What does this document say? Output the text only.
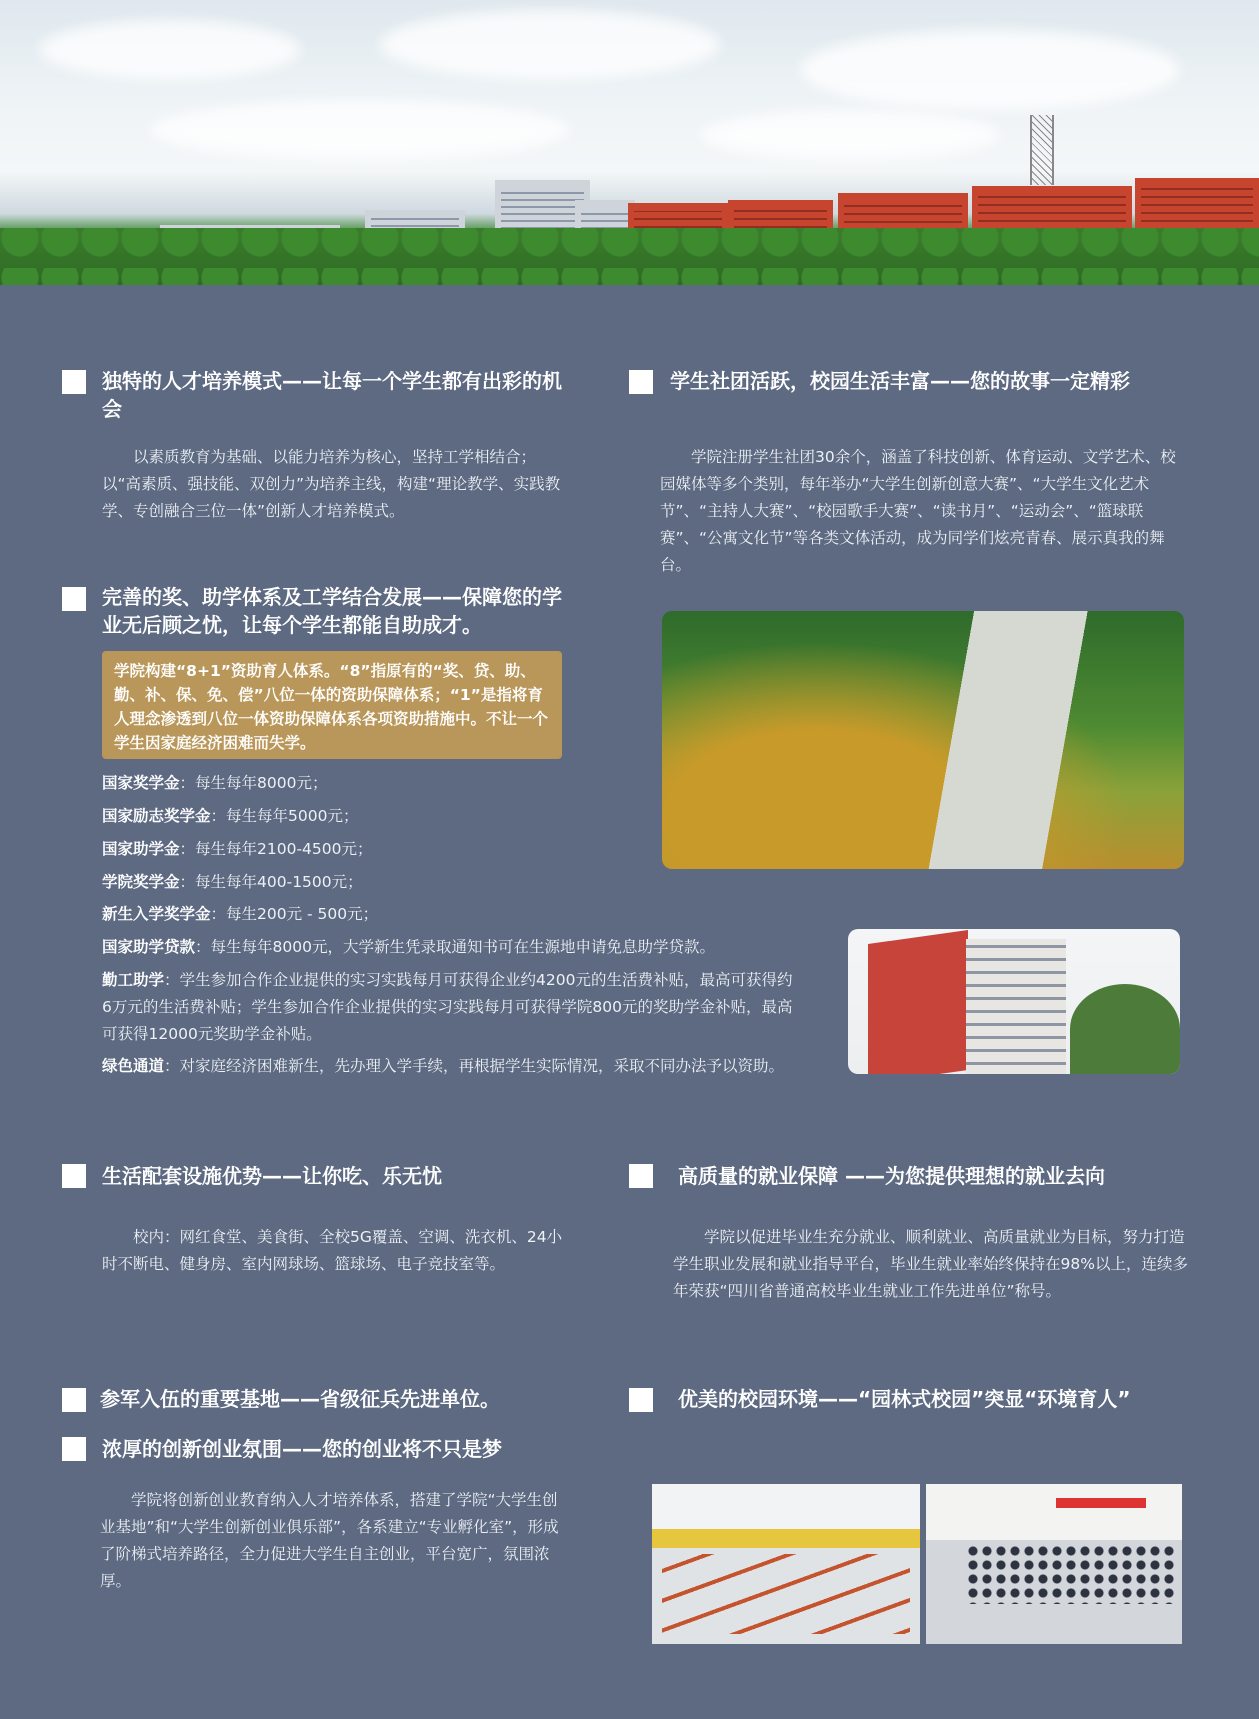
独特的人才培养模式——让每一个学生都有出彩的机会
以素质教育为基础、以能力培养为核心，坚持工学相结合；以“高素质、强技能、双创力”为培养主线，构建“理论教学、实践教学、专创融合三位一体”创新人才培养模式。
学生社团活跃，校园生活丰富——您的故事一定精彩
学院注册学生社团30余个，涵盖了科技创新、体育运动、文学艺术、校园媒体等多个类别，每年举办“大学生创新创意大赛”、“大学生文化艺术节”、“主持人大赛”、“校园歌手大赛”、“读书月”、“运动会”、“篮球联赛”、“公寓文化节”等各类文体活动，成为同学们炫亮青春、展示真我的舞台。
完善的奖、助学体系及工学结合发展——保障您的学业无后顾之忧，让每个学生都能自助成才。
学院构建“8+1”资助育人体系。“8”指原有的“奖、贷、助、勤、补、保、免、偿”八位一体的资助保障体系；“1”是指将育人理念渗透到八位一体资助保障体系各项资助措施中。不让一个学生因家庭经济困难而失学。
国家奖学金：每生每年8000元；
国家励志奖学金：每生每年5000元；
国家助学金：每生每年2100-4500元；
学院奖学金：每生每年400-1500元；
新生入学奖学金：每生200元 - 500元；
国家助学贷款：每生每年8000元，大学新生凭录取通知书可在生源地申请免息助学贷款。
勤工助学：学生参加合作企业提供的实习实践每月可获得企业约4200元的生活费补贴，最高可获得约6万元的生活费补贴；学生参加合作企业提供的实习实践每月可获得学院800元的奖助学金补贴，最高可获得12000元奖助学金补贴。
绿色通道：对家庭经济困难新生，先办理入学手续，再根据学生实际情况，采取不同办法予以资助。
生活配套设施优势——让你吃、乐无忧
校内：网红食堂、美食街、全校5G覆盖、空调、洗衣机、24小时不断电、健身房、室内网球场、篮球场、电子竞技室等。
高质量的就业保障 ——为您提供理想的就业去向
学院以促进毕业生充分就业、顺利就业、高质量就业为目标，努力打造学生职业发展和就业指导平台，毕业生就业率始终保持在98%以上，连续多年荣获“四川省普通高校毕业生就业工作先进单位”称号。
参军入伍的重要基地——省级征兵先进单位。
浓厚的创新创业氛围——您的创业将不只是梦
学院将创新创业教育纳入人才培养体系，搭建了学院“大学生创业基地”和“大学生创新创业俱乐部”，各系建立“专业孵化室”，形成了阶梯式培养路径，全力促进大学生自主创业，平台宽广，氛围浓厚。
优美的校园环境——“园林式校园”突显“环境育人”
